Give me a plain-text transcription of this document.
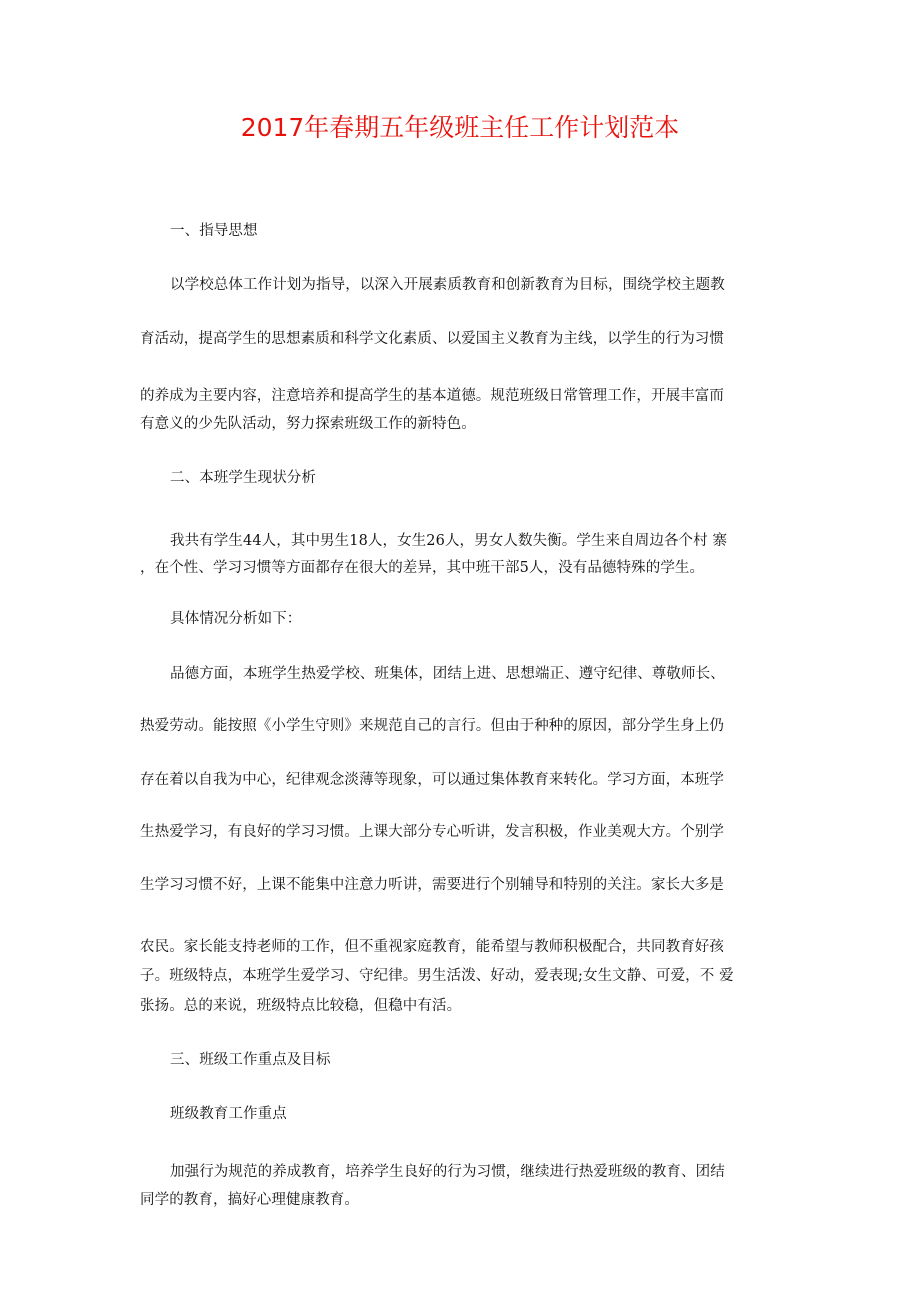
2017年春期五年级班主任工作计划范本
一、指导思想
以学校总体工作计划为指导，以深入开展素质教育和创新教育为目标，围绕学校主题教
育活动，提高学生的思想素质和科学文化素质、以爱国主义教育为主线，以学生的行为习惯
的养成为主要内容，注意培养和提高学生的基本道德。规范班级日常管理工作，开展丰富而
有意义的少先队活动，努力探索班级工作的新特色。
二、本班学生现状分析
我共有学生44人，其中男生18人，女生26人，男女人数失衡。学生来自周边各个村 寨
，在个性、学习习惯等方面都存在很大的差异，其中班干部5人，没有品德特殊的学生。
具体情况分析如下：
品德方面，本班学生热爱学校、班集体，团结上进、思想端正、遵守纪律、尊敬师长、
热爱劳动。能按照《小学生守则》来规范自己的言行。但由于种种的原因，部分学生身上仍
存在着以自我为中心，纪律观念淡薄等现象，可以通过集体教育来转化。学习方面，本班学
生热爱学习，有良好的学习习惯。上课大部分专心听讲，发言积极，作业美观大方。个别学
生学习习惯不好，上课不能集中注意力听讲，需要进行个别辅导和特别的关注。家长大多是
农民。家长能支持老师的工作，但不重视家庭教育，能希望与教师积极配合，共同教育好孩
子。班级特点，本班学生爱学习、守纪律。男生活泼、好动，爱表现;女生文静、可爱，不 爱
张扬。总的来说，班级特点比较稳，但稳中有活。
三、班级工作重点及目标
班级教育工作重点
加强行为规范的养成教育，培养学生良好的行为习惯，继续进行热爱班级的教育、团结
同学的教育，搞好心理健康教育。
